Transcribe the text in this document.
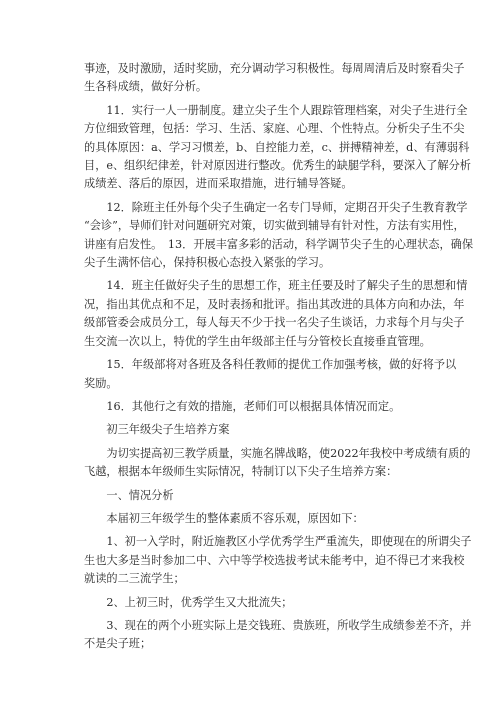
事迹，及时激励，适时奖励，充分调动学习积极性。每周周清后及时察看尖子
生各科成绩，做好分析。
　　11．实行一人一册制度。建立尖子生个人跟踪管理档案，对尖子生进行全
方位细致管理，包括：学习、生活、家庭、心理、个性特点。分析尖子生不尖
的具体原因：a、学习习惯差，b、自控能力差，c、拼搏精神差，d、有薄弱科
目，e、组织纪律差，针对原因进行整改。优秀生的缺腿学科，要深入了解分析
成绩差、落后的原因，进而采取措施，进行辅导答疑。
　　12．除班主任外每个尖子生确定一名专门导师，定期召开尖子生教育教学
“会诊”，导师们针对问题研究对策，切实做到辅导有针对性，方法有实用性，
讲座有启发性。　13．开展丰富多彩的活动，科学调节尖子生的心理状态，确保
尖子生满怀信心，保持积极心态投入紧张的学习。
　　14．班主任做好尖子生的思想工作，班主任要及时了解尖子生的思想和情
况，指出其优点和不足，及时表扬和批评。指出其改进的具体方向和办法，年
级部管委会成员分工，每人每天不少于找一名尖子生谈话，力求每个月与尖子
生交流一次以上，特优的学生由年级部主任与分管校长直接垂直管理。
　　15．年级部将对各班及各科任教师的提优工作加强考核，做的好将予以
奖励。
　　16．其他行之有效的措施，老师们可以根据具体情况而定。
　　初三年级尖子生培养方案
　　为切实提高初三教学质量，实施名牌战略，使2022年我校中考成绩有质的
飞越，根据本年级师生实际情况，特制订以下尖子生培养方案：
　　一、情况分析
　　本届初三年级学生的整体素质不容乐观，原因如下：
　　1、初一入学时，附近施教区小学优秀学生严重流失，即使现在的所谓尖子
生也大多是当时参加二中、六中等学校选拔考试未能考中，迫不得已才来我校
就读的二三流学生；
　　2、上初三时，优秀学生又大批流失；
　　3、现在的两个小班实际上是交钱班、贵族班，所收学生成绩参差不齐，并
不是尖子班；
